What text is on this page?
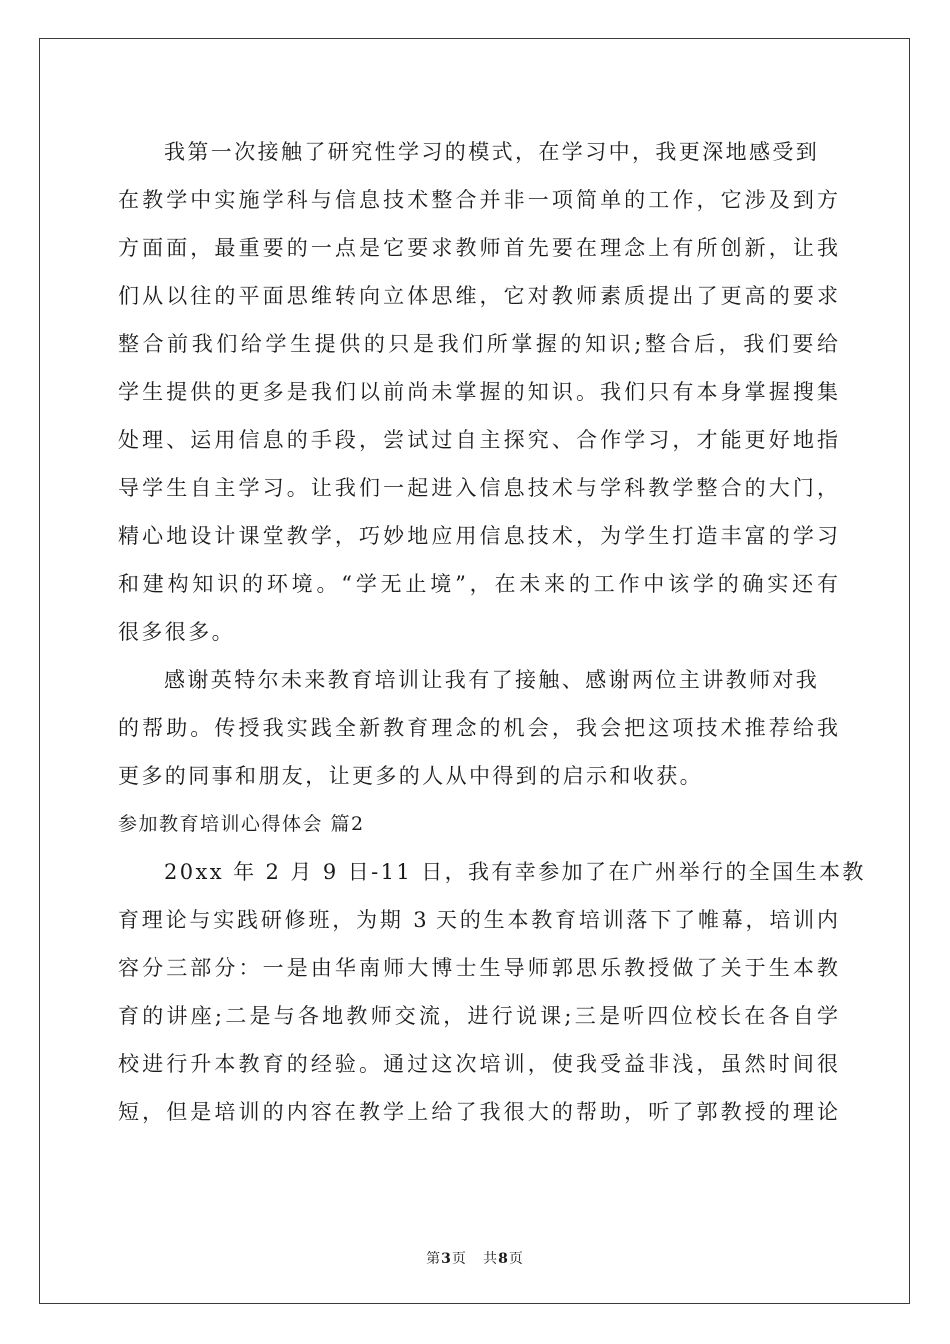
我第一次接触了研究性学习的模式，在学习中，我更深地感受到
在教学中实施学科与信息技术整合并非一项简单的工作，它涉及到方
方面面，最重要的一点是它要求教师首先要在理念上有所创新，让我
们从以往的平面思维转向立体思维，它对教师素质提出了更高的要求
整合前我们给学生提供的只是我们所掌握的知识;整合后，我们要给
学生提供的更多是我们以前尚未掌握的知识。我们只有本身掌握搜集
处理、运用信息的手段，尝试过自主探究、合作学习，才能更好地指
导学生自主学习。让我们一起进入信息技术与学科教学整合的大门，
精心地设计课堂教学，巧妙地应用信息技术，为学生打造丰富的学习
和建构知识的环境。“学无止境”，在未来的工作中该学的确实还有
很多很多。
感谢英特尔未来教育培训让我有了接触、感谢两位主讲教师对我
的帮助。传授我实践全新教育理念的机会，我会把这项技术推荐给我
更多的同事和朋友，让更多的人从中得到的启示和收获。
参加教育培训心得体会 篇2
20xx 年 2 月 9 日-11 日，我有幸参加了在广州举行的全国生本教
育理论与实践研修班，为期 3 天的生本教育培训落下了帷幕，培训内
容分三部分：一是由华南师大博士生导师郭思乐教授做了关于生本教
育的讲座;二是与各地教师交流，进行说课;三是听四位校长在各自学
校进行升本教育的经验。通过这次培训，使我受益非浅，虽然时间很
短，但是培训的内容在教学上给了我很大的帮助，听了郭教授的理论
第3页   共8页
